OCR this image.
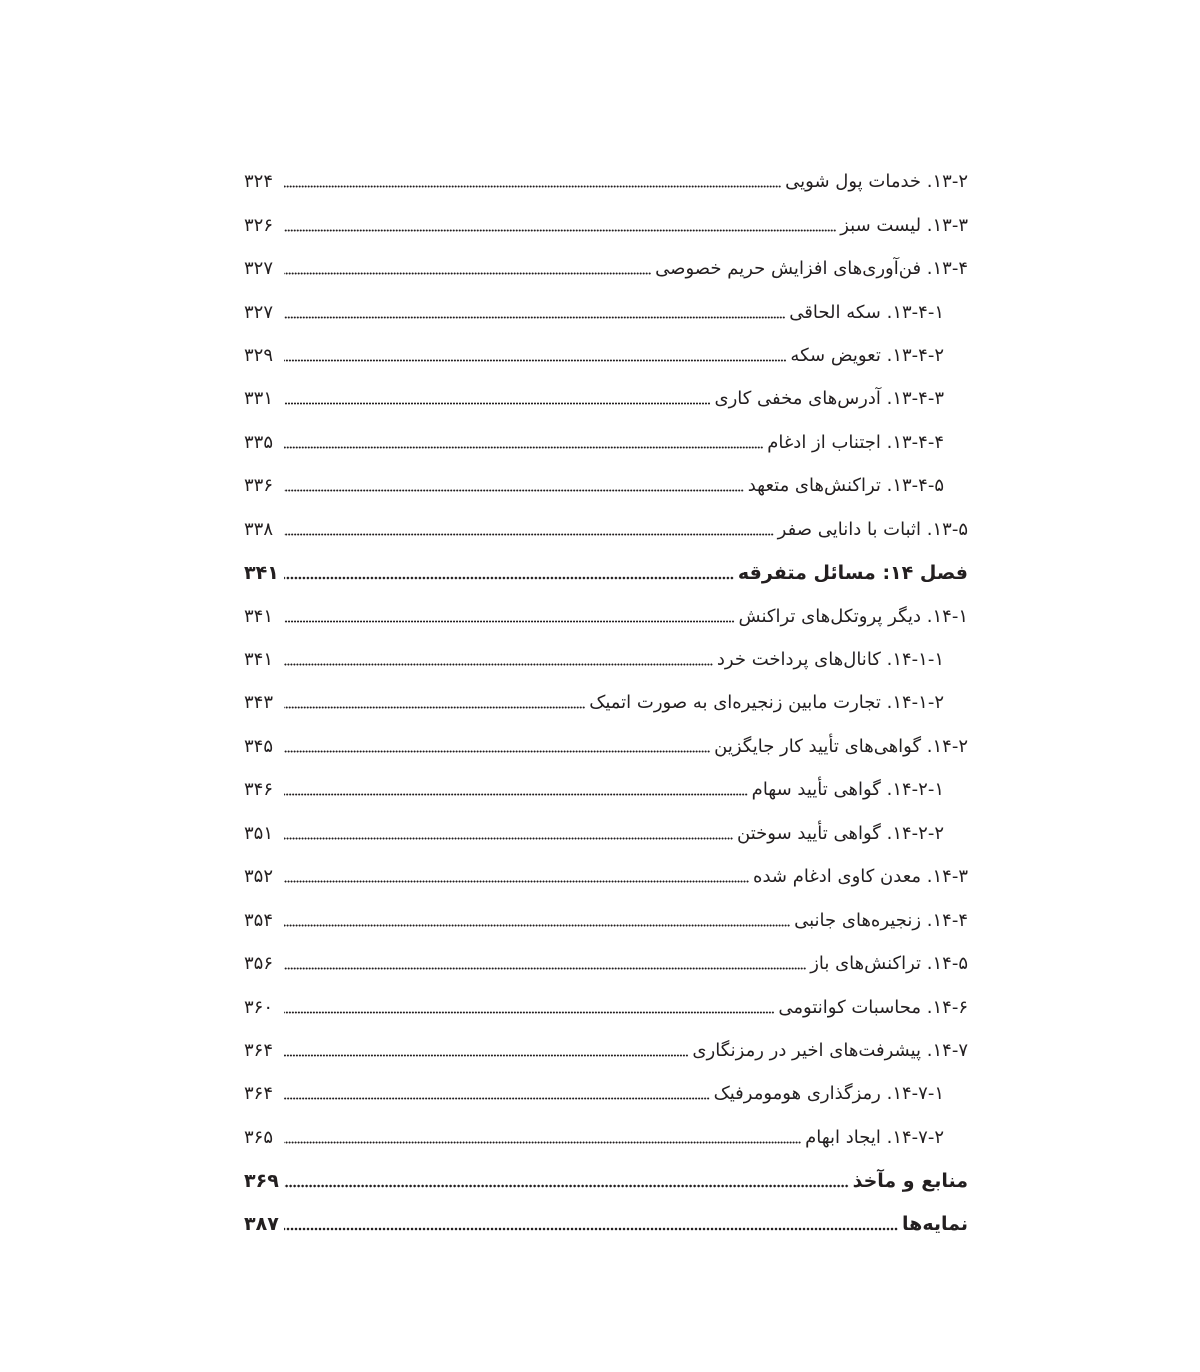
۱۳-۲. خدمات پول شویی
۳۲۴
۱۳-۳. لیست سبز
۳۲۶
۱۳-۴. فن‌آوری‌های افزایش حریم خصوصی
۳۲۷
۱۳-۴-۱. سکه الحاقی
۳۲۷
۱۳-۴-۲. تعویض سکه
۳۲۹
۱۳-۴-۳. آدرس‌های مخفی کاری
۳۳۱
۱۳-۴-۴. اجتناب از ادغام
۳۳۵
۱۳-۴-۵. تراکنش‌های متعهد
۳۳۶
۱۳-۵. اثبات با دانایی صفر
۳۳۸
فصل ۱۴: مسائل متفرقه
۳۴۱
۱۴-۱. دیگر پروتکل‌های تراکنش
۳۴۱
۱۴-۱-۱. کانال‌های پرداخت خرد
۳۴۱
۱۴-۱-۲. تجارت مابین زنجیره‌ای به صورت اتمیک
۳۴۳
۱۴-۲. گواهی‌های تأیید کار جایگزین
۳۴۵
۱۴-۲-۱. گواهی تأیید سهام
۳۴۶
۱۴-۲-۲. گواهی تأیید سوختن
۳۵۱
۱۴-۳. معدن کاوی ادغام شده
۳۵۲
۱۴-۴. زنجیره‌های جانبی
۳۵۴
۱۴-۵. تراکنش‌های باز
۳۵۶
۱۴-۶. محاسبات کوانتومی
۳۶۰
۱۴-۷. پیشرفت‌های اخیر در رمزنگاری
۳۶۴
۱۴-۷-۱. رمزگذاری هومومرفیک
۳۶۴
۱۴-۷-۲. ایجاد ابهام
۳۶۵
منابع و مآخذ
۳۶۹
نمایه‌ها
۳۸۷
